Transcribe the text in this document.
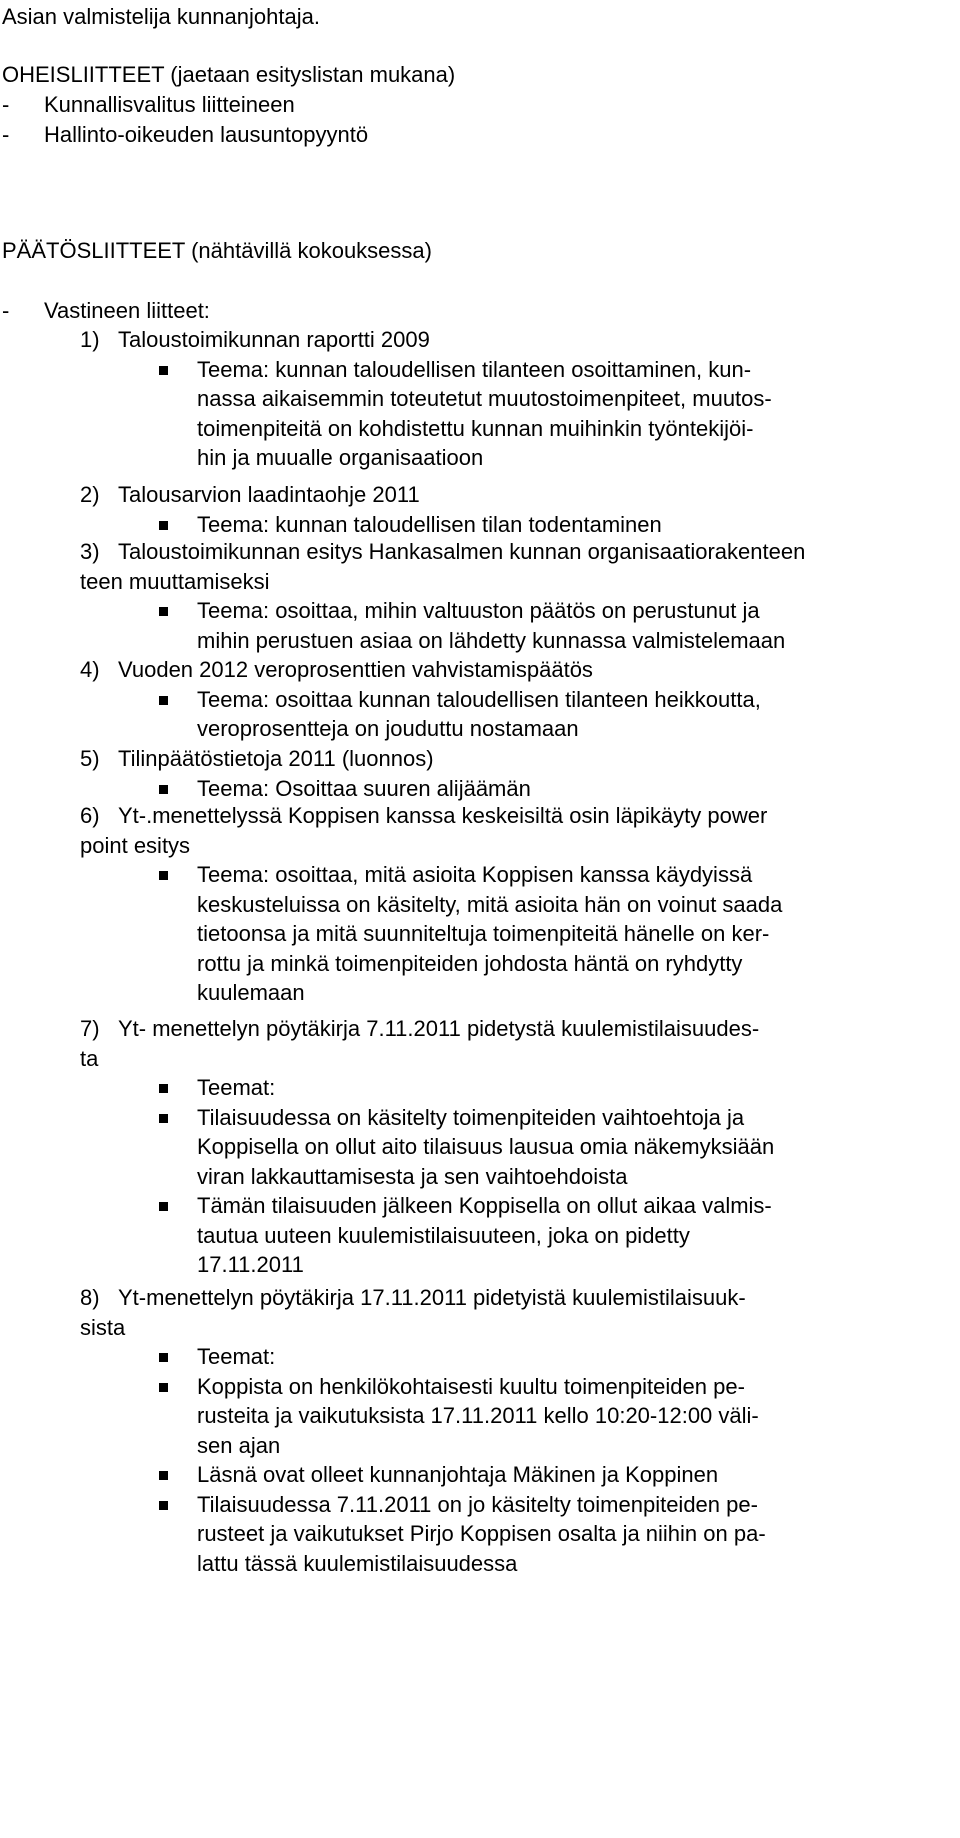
Asian valmistelija kunnanjohtaja.
OHEISLIITTEET (jaetaan esityslistan mukana)
- Kunnallisvalitus liitteineen
- Hallinto-oikeuden lausuntopyyntö
PÄÄTÖSLIITTEET (nähtävillä kokouksessa)
- Vastineen liitteet:
1) Taloustoimikunnan raportti 2009
Teema: kunnan taloudellisen tilanteen osoittaminen, kun-
nassa aikaisemmin toteutetut muutostoimenpiteet, muutos-
toimenpiteitä on kohdistettu kunnan muihinkin työntekijöi-
hin ja muualle organisaatioon
2) Talousarvion laadintaohje 2011
Teema: kunnan taloudellisen tilan todentaminen
3) Taloustoimikunnan esitys Hankasalmen kunnan organisaatiorakenteen
teen muuttamiseksi
Teema: osoittaa, mihin valtuuston päätös on perustunut ja
mihin perustuen asiaa on lähdetty kunnassa valmistelemaan
4) Vuoden 2012 veroprosenttien vahvistamispäätös
Teema: osoittaa kunnan taloudellisen tilanteen heikkoutta,
veroprosentteja on jouduttu nostamaan
5) Tilinpäätöstietoja 2011 (luonnos)
Teema: Osoittaa suuren alijäämän
6) Yt-.menettelyssä Koppisen kanssa keskeisiltä osin läpikäyty power
point esitys
Teema: osoittaa, mitä asioita Koppisen kanssa käydyissä
keskusteluissa on käsitelty, mitä asioita hän on voinut saada
tietoonsa ja mitä suunniteltuja toimenpiteitä hänelle on ker-
rottu ja minkä toimenpiteiden johdosta häntä on ryhdytty
kuulemaan
7) Yt- menettelyn pöytäkirja 7.11.2011 pidetystä kuulemistilaisuudes-
ta
Teemat:
Tilaisuudessa on käsitelty toimenpiteiden vaihtoehtoja ja
Koppisella on ollut aito tilaisuus lausua omia näkemyksiään
viran lakkauttamisesta ja sen vaihtoehdoista
Tämän tilaisuuden jälkeen Koppisella on ollut aikaa valmis-
tautua uuteen kuulemistilaisuuteen, joka on pidetty
17.11.2011
8) Yt-menettelyn pöytäkirja 17.11.2011 pidetyistä kuulemistilaisuuk-
sista
Teemat:
Koppista on henkilökohtaisesti kuultu toimenpiteiden pe-
rusteita ja vaikutuksista 17.11.2011 kello 10:20-12:00 väli-
sen ajan
Läsnä ovat olleet kunnanjohtaja Mäkinen ja Koppinen
Tilaisuudessa 7.11.2011 on jo käsitelty toimenpiteiden pe-
rusteet ja vaikutukset Pirjo Koppisen osalta ja niihin on pa-
lattu tässä kuulemistilaisuudessa
